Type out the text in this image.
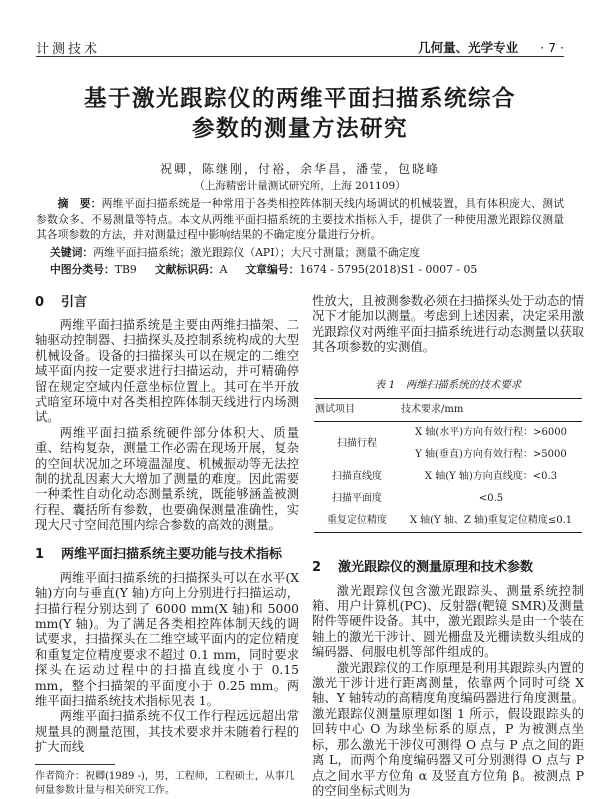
计测技术	几何量、光学专业 · 7 ·
基于激光跟踪仪的两维平面扫描系统综合
参数的测量方法研究
祝卿，陈继刚，付裕，余华昌，潘莹，包晓峰
（上海精密计量测试研究所，上海 201109）
摘　要：两维平面扫描系统是一种常用于各类相控阵体制天线内场调试的机械装置，具有体积庞大、测试参数众多、不易测量等特点。本文从两维平面扫描系统的主要技术指标入手，提供了一种使用激光跟踪仪测量其各项参数的方法，并对测量过程中影响结果的不确定度分量进行分析。
关键词：两维平面扫描系统；激光跟踪仪（API）；大尺寸测量；测量不确定度
中图分类号：TB9 文献标识码：A 文章编号：1674 - 5795(2018)S1 - 0007 - 05
0 引言

两维平面扫描系统是主要由两维扫描架、二轴驱动控制器、扫描探头及控制系统构成的大型机械设备。设备的扫描探头可以在规定的二维空域平面内按一定要求进行扫描运动，并可精确停留在规定空域内任意坐标位置上。其可在半开放式暗室环境中对各类相控阵体制天线进行内场测试。

两维平面扫描系统硬件部分体积大、质量重、结构复杂，测量工作必需在现场开展，复杂的空间状况加之环境温湿度、机械振动等无法控制的扰乱因素大大增加了测量的难度。因此需要一种柔性自动化动态测量系统，既能够涵盖被测行程、囊括所有参数，也要确保测量准确性，实现大尺寸空间范围内综合参数的高效的测量。

1 两维平面扫描系统主要功能与技术指标

两维平面扫描系统的扫描探头可以在水平(X 轴)方向与垂直(Y 轴)方向上分别进行扫描运动，扫描行程分别达到了 6000 mm(X 轴)和 5000 mm(Y 轴)。为了满足各类相控阵体制天线的调试要求，扫描探头在二维空域平面内的定位精度和重复定位精度要求不超过 0.1 mm，同时要求探头在运动过程中的扫描直线度小于 0.15 mm，整个扫描架的平面度小于 0.25 mm。两维平面扫描系统技术指标见表 1。

两维平面扫描系统不仅工作行程远远超出常规量具的测量范围，其技术要求并未随着行程的扩大而线

作者简介：祝卿(1989 -)，男，工程师，工程硕士，从事几何量参数计量与相关研究工作。

性放大，且被测参数必须在扫描探头处于动态的情况下才能加以测量。考虑到上述因素，决定采用激光跟踪仪对两维平面扫描系统进行动态测量以获取其各项参数的实测值。

表 1　两维扫描系统的技术要求
测试项目	技术要求/mm
扫描行程	X 轴(水平)方向有效行程：>6000
	Y 轴(垂直)方向有效行程：>5000
扫描直线度	X 轴(Y 轴)方向直线度：<0.3
扫描平面度	<0.5
重复定位精度	X 轴(Y 轴、Z 轴)重复定位精度≤0.1
2 激光跟踪仪的测量原理和技术参数

激光跟踪仪包含激光跟踪头、测量系统控制箱、用户计算机(PC)、反射器(靶镜 SMR)及测量附件等硬件设备。其中，激光跟踪头是由一个装在轴上的激光干涉计、圆光栅盘及光栅读数头组成的编码器、伺服电机等部件组成的。

激光跟踪仪的工作原理是利用其跟踪头内置的激光干涉计进行距离测量，依靠两个同时可绕 X 轴、Y 轴转动的高精度角度编码器进行角度测量。激光跟踪仪测量原理如图 1 所示，假设跟踪头的回转中心 O 为球坐标系的原点，P 为被测点坐标，那么激光干涉仪可测得 O 点与 P 点之间的距离 L，而两个角度编码器又可分别测得 O 点与 P 点之间水平方位角 α 及竖直方位角 β。被测点 P 的空间坐标式则为
